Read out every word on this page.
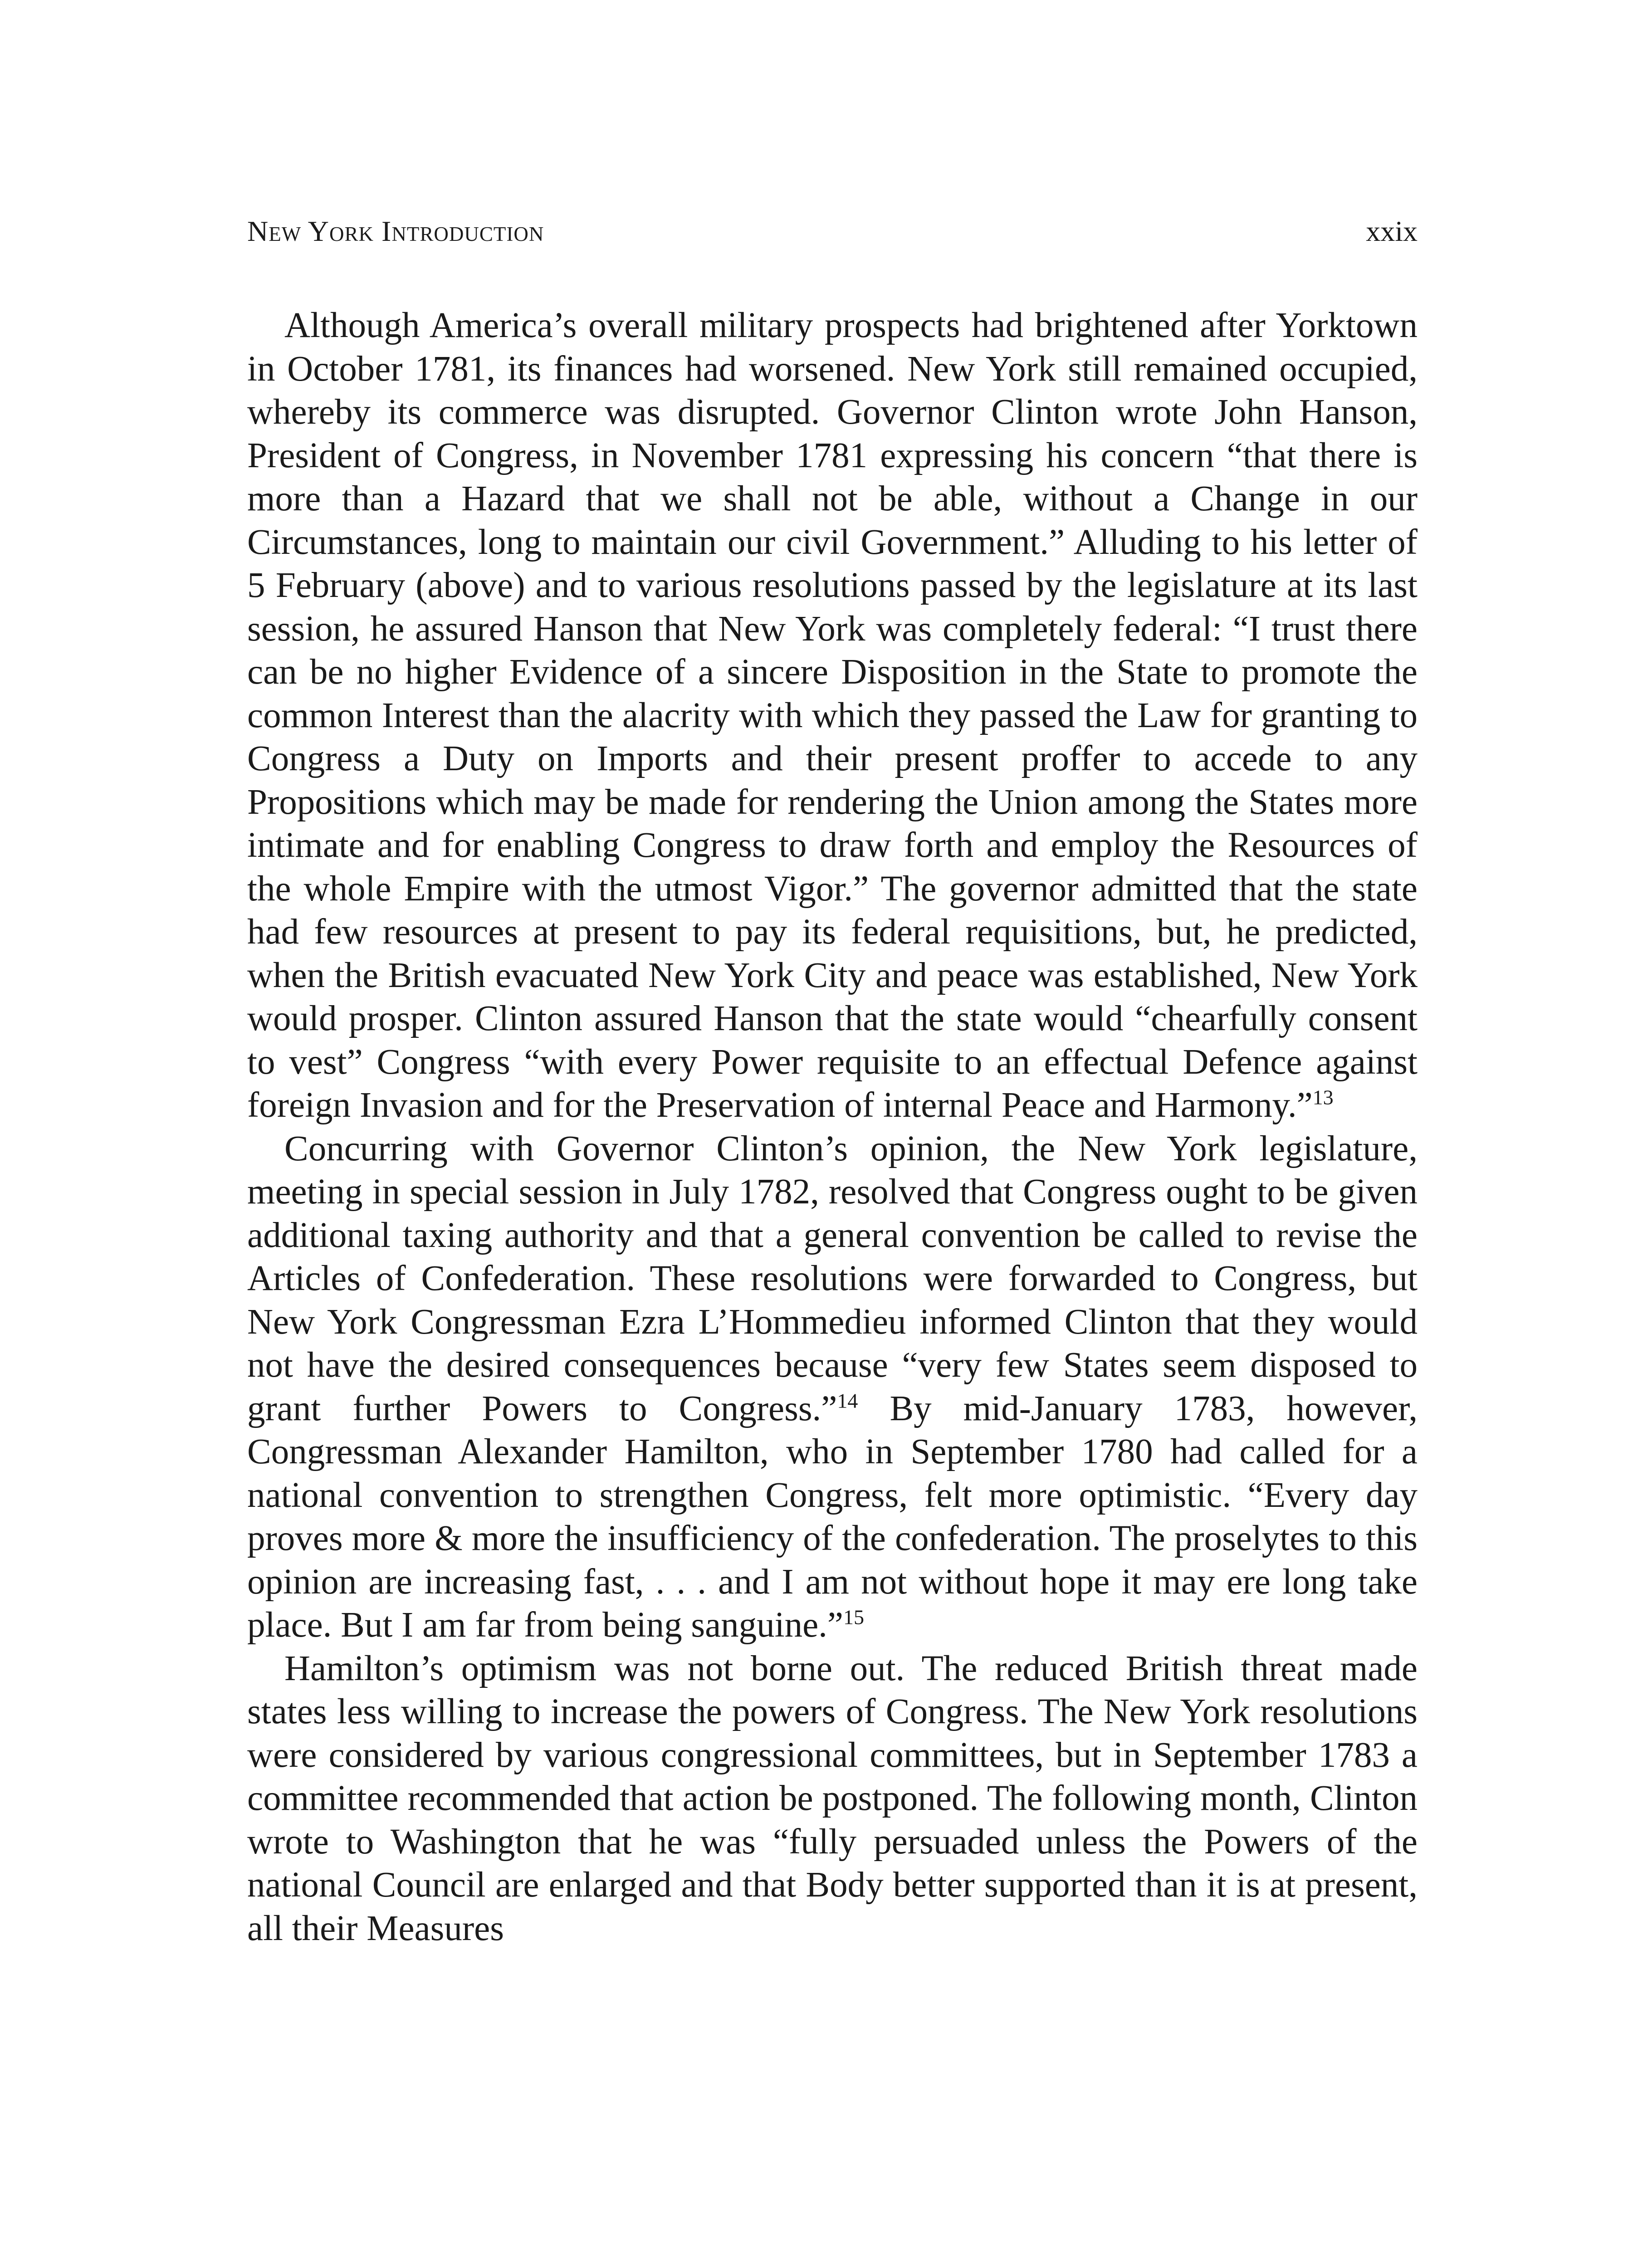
New York Introduction	xxix

Although America’s overall military prospects had brightened after Yorktown in October 1781, its finances had worsened. New York still remained occupied, whereby its commerce was disrupted. Governor Clinton wrote John Hanson, President of Congress, in November 1781 expressing his concern “that there is more than a Hazard that we shall not be able, without a Change in our Circumstances, long to maintain our civil Government.” Alluding to his letter of 5 February (above) and to various resolutions passed by the legislature at its last session, he assured Hanson that New York was completely federal: “I trust there can be no higher Evidence of a sincere Disposition in the State to promote the common Interest than the alacrity with which they passed the Law for granting to Congress a Duty on Imports and their present proffer to accede to any Propositions which may be made for rendering the Union among the States more intimate and for enabling Congress to draw forth and employ the Resources of the whole Empire with the utmost Vigor.” The governor admitted that the state had few resources at present to pay its federal requisitions, but, he predicted, when the British evacuated New York City and peace was established, New York would prosper. Clinton assured Hanson that the state would “chearfully consent to vest” Congress “with every Power requisite to an effectual Defence against foreign Invasion and for the Preservation of internal Peace and Harmony.”$^{13}$

Concurring with Governor Clinton’s opinion, the New York legislature, meeting in special session in July 1782, resolved that Congress ought to be given additional taxing authority and that a general convention be called to revise the Articles of Confederation. These resolutions were forwarded to Congress, but New York Congressman Ezra L’Hommedieu informed Clinton that they would not have the desired consequences because “very few States seem disposed to grant further Powers to Congress.”$^{14}$ By mid-January 1783, however, Congressman Alexander Hamilton, who in September 1780 had called for a national convention to strengthen Congress, felt more optimistic. “Every day proves more & more the insufficiency of the confederation. The proselytes to this opinion are increasing fast, . . . and I am not without hope it may ere long take place. But I am far from being sanguine.”$^{15}$

Hamilton’s optimism was not borne out. The reduced British threat made states less willing to increase the powers of Congress. The New York resolutions were considered by various congressional committees, but in September 1783 a committee recommended that action be postponed. The following month, Clinton wrote to Washington that he was “fully persuaded unless the Powers of the national Council are enlarged and that Body better supported than it is at present, all their Measures
